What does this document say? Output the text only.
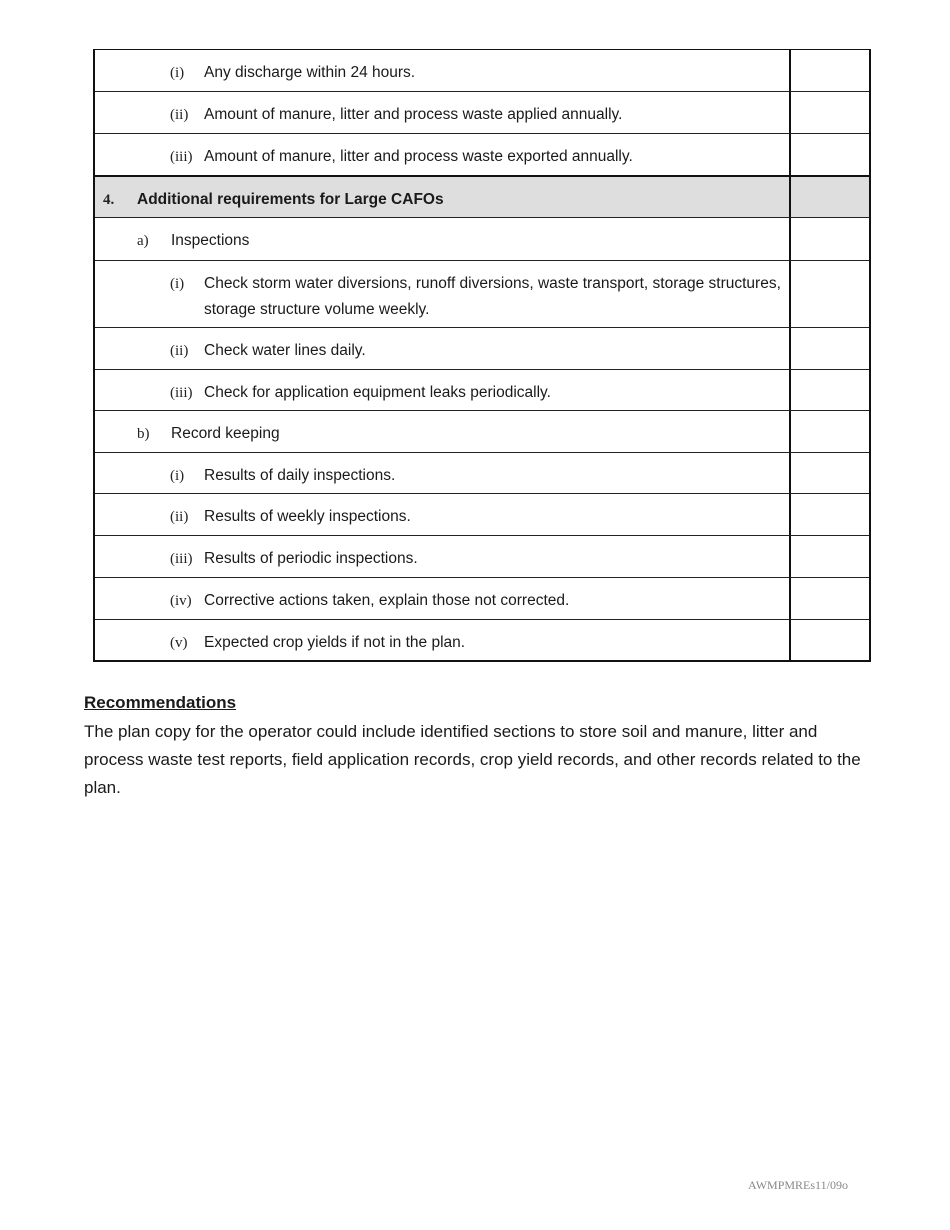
(i)	Any discharge within 24 hours.
(ii)	Amount of manure, litter and process waste applied annually.
(iii) Amount of manure, litter and process waste exported annually.
4.	Additional requirements for Large CAFOs
a)	Inspections
(i)	Check storm water diversions, runoff diversions, waste transport, storage structures, storage structure volume weekly.
(ii)	Check water lines daily.
(iii) Check for application equipment leaks periodically.
b)	Record keeping
(i)	Results of daily inspections.
(ii)	Results of weekly inspections.
(iii) Results of periodic inspections.
(iv) Corrective actions taken, explain those not corrected.
(v)	Expected crop yields if not in the plan.
Recommendations
The plan copy for the operator could include identified sections to store soil and manure, litter and process waste test reports, field application records, crop yield records, and other records related to the plan.
AWMPMREs11/09o
